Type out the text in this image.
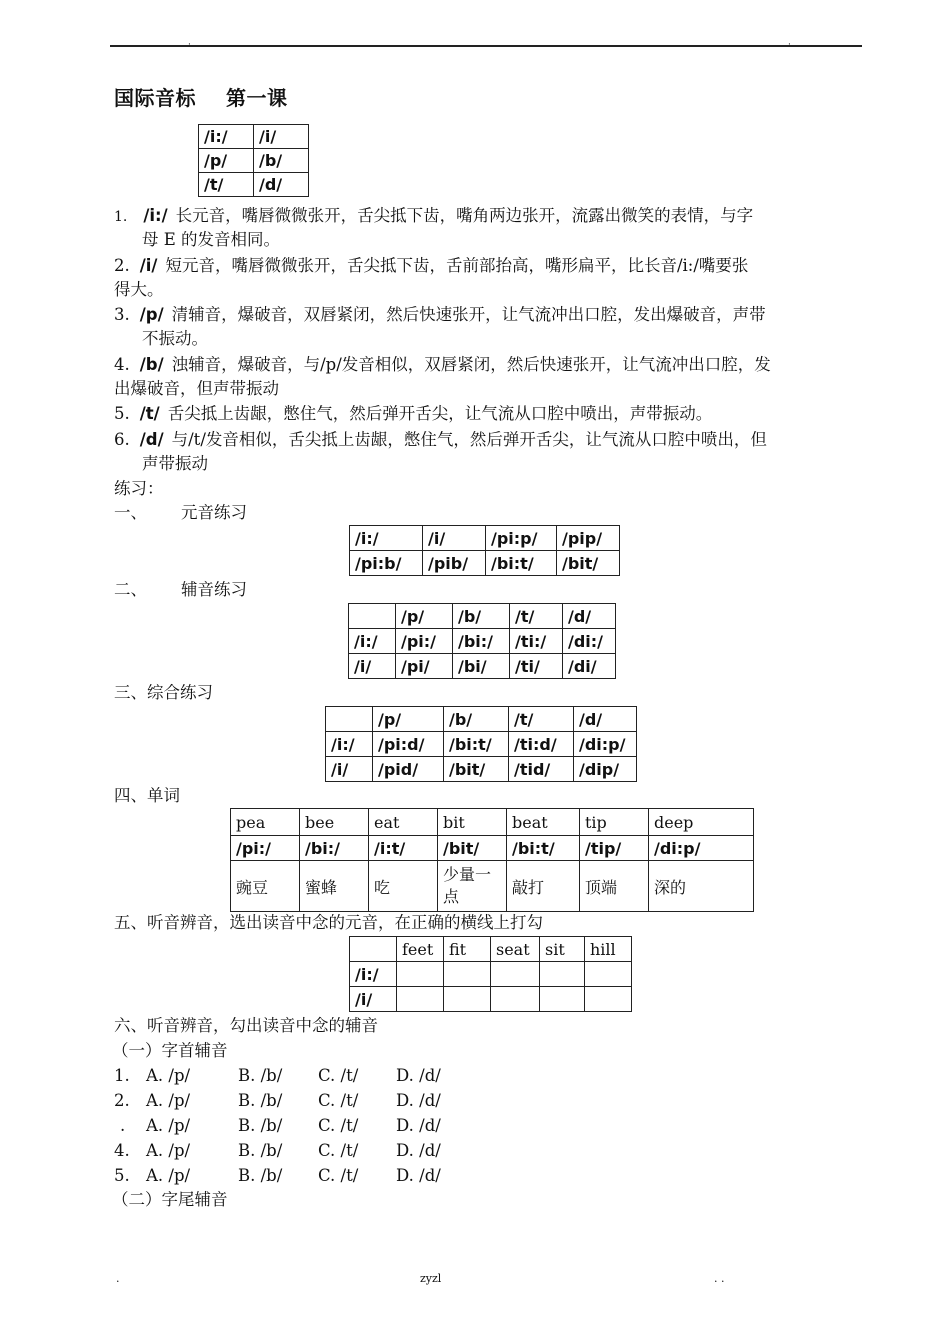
·	·
国际音标 第一课
/i:/	/i/
/p/	/b/
/t/	/d/
1. /i:/ 长元音，嘴唇微微张开，舌尖抵下齿，嘴角两边张开，流露出微笑的表情，与字
母 E 的发音相同。
2. /i/ 短元音，嘴唇微微张开，舌尖抵下齿，舌前部抬高，嘴形扁平，比长音/i:/嘴要张
得大。
3. /p/ 清辅音，爆破音，双唇紧闭，然后快速张开，让气流冲出口腔，发出爆破音，声带
不振动。
4. /b/ 浊辅音，爆破音，与/p/发音相似，双唇紧闭，然后快速张开，让气流冲出口腔，发
出爆破音，但声带振动
5. /t/ 舌尖抵上齿龈，憋住气，然后弹开舌尖，让气流从口腔中喷出，声带振动。
6. /d/ 与/t/发音相似，舌尖抵上齿龈，憋住气，然后弹开舌尖，让气流从口腔中喷出，但
声带振动
练习：
一、 元音练习
/i:/	/i/	/pi:p/	/pip/
/pi:b/	/pib/	/bi:t/	/bit/
二、 辅音练习
	/p/	/b/	/t/	/d/
/i:/	/pi:/	/bi:/	/ti:/	/di:/
/i/	/pi/	/bi/	/ti/	/di/
三、综合练习
	/p/	/b/	/t/	/d/
/i:/	/pi:d/	/bi:t/	/ti:d/	/di:p/
/i/	/pid/	/bit/	/tid/	/dip/
四、单词
pea	bee	eat	bit	beat	tip	deep
/pi:/	/bi:/	/i:t/	/bit/	/bi:t/	/tip/	/di:p/
豌豆	蜜蜂	吃	少量一点	敲打	顶端	深的
五、听音辨音，选出读音中念的元音，在正确的横线上打勾
	feet	fit	seat	sit	hill
/i:/					
/i/					
六、听音辨音，勾出读音中念的辅音
（一）字首辅音
1. A. /p/	B. /b/ C. /t/ D. /d/
2. A. /p/	B. /b/ C. /t/ D. /d/
. A. /p/	B. /b/ C. /t/ D. /d/
4. A. /p/	B. /b/ C. /t/ D. /d/
5. A. /p/	B. /b/ C. /t/ D. /d/
（二）字尾辅音
.	zyzl	. .
